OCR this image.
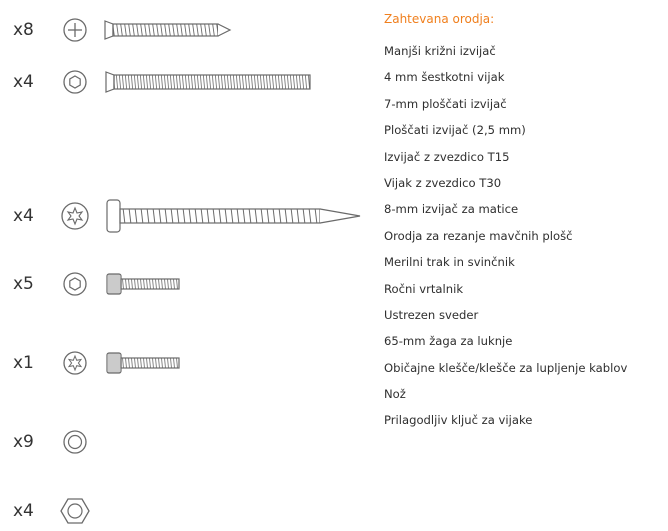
x8
x4
x4
x5
x1
x9
x4
Zahtevana orodja:
Manjši križni izvijač
4 mm šestkotni vijak
7-mm ploščati izvijač
Ploščati izvijač (2,5 mm)
Izvijač z zvezdico T15
Vijak z zvezdico T30
8-mm izvijač za matice
Orodja za rezanje mavčnih plošč
Merilni trak in svinčnik
Ročni vrtalnik
Ustrezen sveder
65-mm žaga za luknje
Običajne klešče/klešče za lupljenje kablov
Nož
Prilagodljiv ključ za vijake
